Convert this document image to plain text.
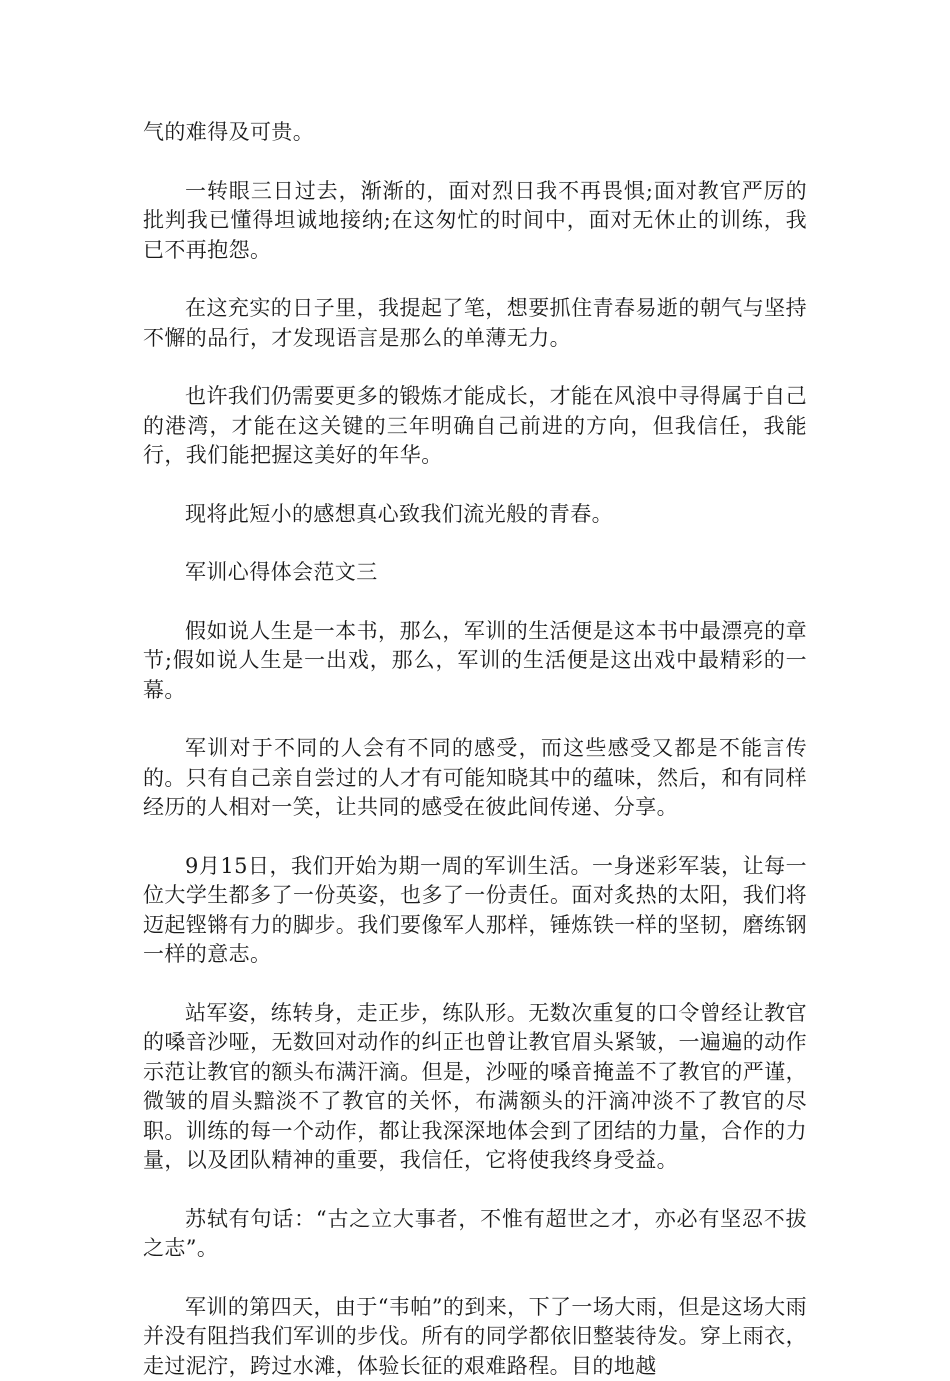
气的难得及可贵。

一转眼三日过去，渐渐的，面对烈日我不再畏惧;面对教官严厉的批判我已懂得坦诚地接纳;在这匆忙的时间中，面对无休止的训练，我已不再抱怨。

在这充实的日子里，我提起了笔，想要抓住青春易逝的朝气与坚持不懈的品行，才发现语言是那么的单薄无力。

也许我们仍需要更多的锻炼才能成长，才能在风浪中寻得属于自己的港湾，才能在这关键的三年明确自己前进的方向，但我信任，我能行，我们能把握这美好的年华。

现将此短小的感想真心致我们流光般的青春。

军训心得体会范文三

假如说人生是一本书，那么，军训的生活便是这本书中最漂亮的章节;假如说人生是一出戏，那么，军训的生活便是这出戏中最精彩的一幕。

军训对于不同的人会有不同的感受，而这些感受又都是不能言传的。只有自己亲自尝过的人才有可能知晓其中的蕴味，然后，和有同样经历的人相对一笑，让共同的感受在彼此间传递、分享。

9月15日，我们开始为期一周的军训生活。一身迷彩军装，让每一位大学生都多了一份英姿，也多了一份责任。面对炙热的太阳，我们将迈起铿锵有力的脚步。我们要像军人那样，锤炼铁一样的坚韧，磨练钢一样的意志。

站军姿，练转身，走正步，练队形。无数次重复的口令曾经让教官的嗓音沙哑，无数回对动作的纠正也曾让教官眉头紧皱，一遍遍的动作示范让教官的额头布满汗滴。但是，沙哑的嗓音掩盖不了教官的严谨，微皱的眉头黯淡不了教官的关怀，布满额头的汗滴冲淡不了教官的尽职。训练的每一个动作，都让我深深地体会到了团结的力量，合作的力量，以及团队精神的重要，我信任，它将使我终身受益。

苏轼有句话：“古之立大事者，不惟有超世之才，亦必有坚忍不拔之志”。

军训的第四天，由于“韦帕”的到来，下了一场大雨，但是这场大雨并没有阻挡我们军训的步伐。所有的同学都依旧整装待发。穿上雨衣，走过泥泞，跨过水滩，体验长征的艰难路程。目的地越
